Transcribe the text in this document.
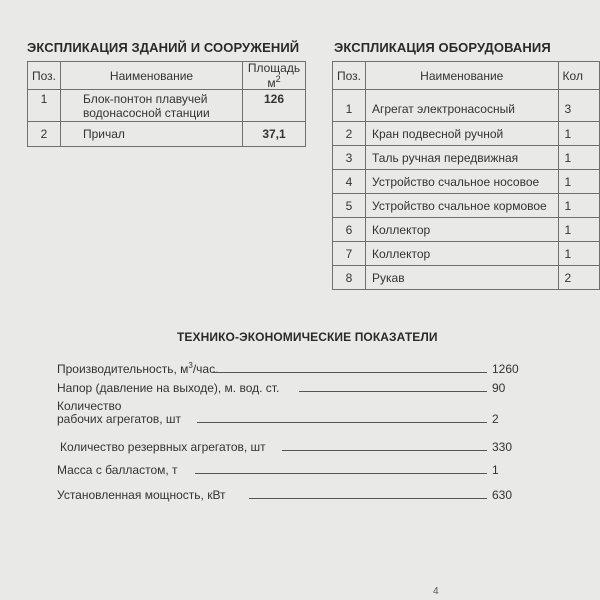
ЭКСПЛИКАЦИЯ ЗДАНИЙ И СООРУЖЕНИЙ	ЭКСПЛИКАЦИЯ ОБОРУДОВАНИЯ
Поз.	Наименование	Площадь $м^2$
1	Блок-понтон плавучей
водонасосной станции	126
2	Причал	37,1
Поз.	Наименование	Кол

1	Агрегат электронасосный	3
2	Кран подвесной ручной	1
3	Таль ручная передвижная	1
4	Устройство счальное носовое	1
5	Устройство счальное кормовое	1
6	Коллектор	1
7	Коллектор	1
8	Рукав	2
ТЕХНИКО-ЭКОНОМИЧЕСКИЕ ПОКАЗАТЕЛИ
Производительность, $м^3$/час.	1260
Напор (давление на выходе), м. вод. ст.	90
Количество
рабочих агрегатов, шт	2
Количество резервных агрегатов, шт	330
Масса с балластом, т	1
Установленная мощность, кВт	630
4
